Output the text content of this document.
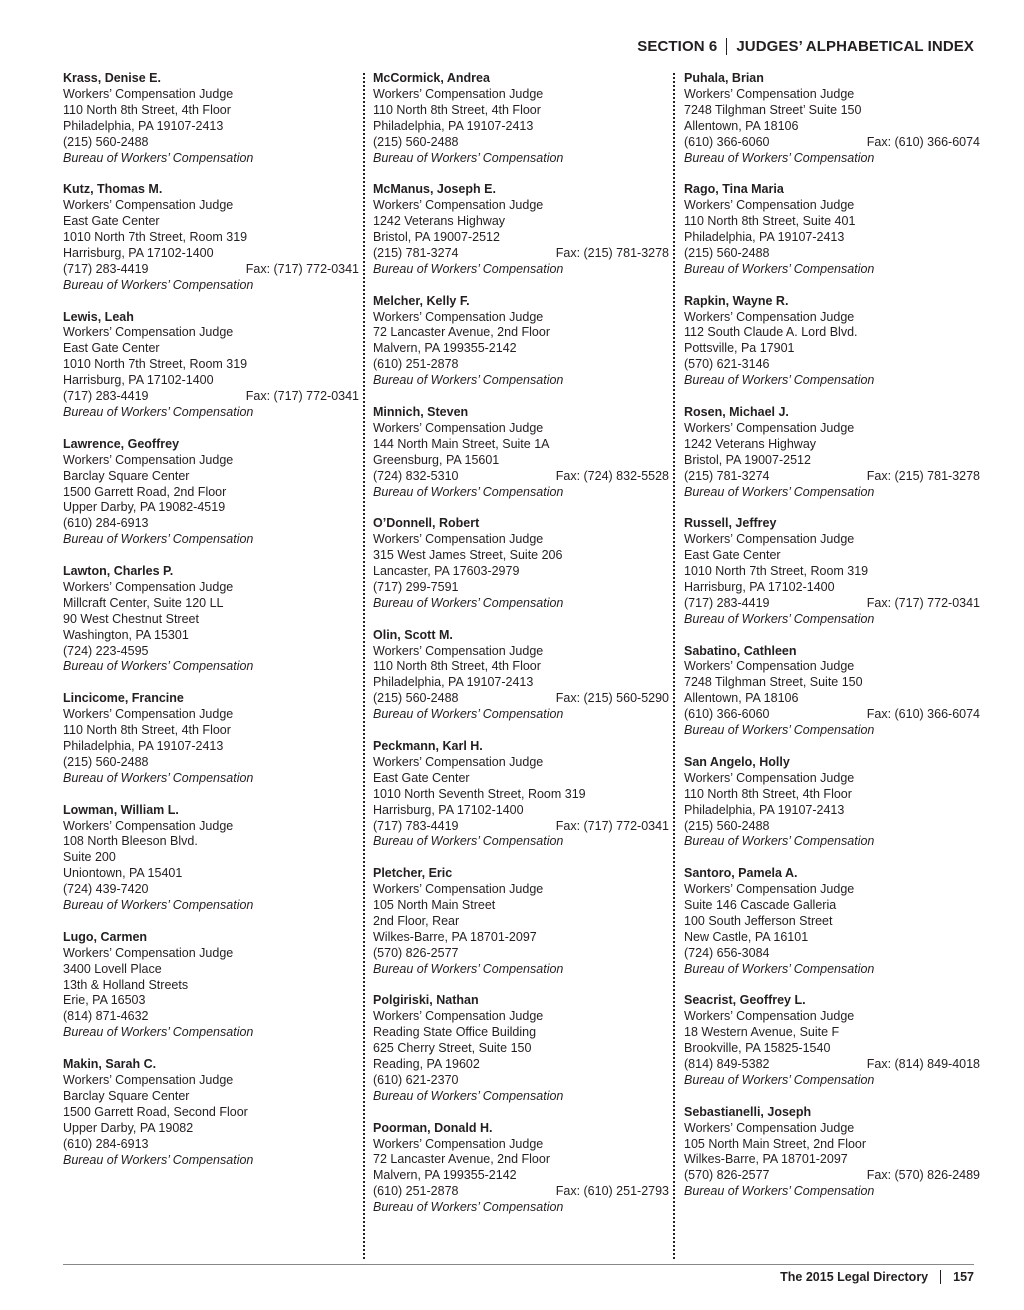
SECTION 6 JUDGES’ ALPHABETICAL INDEX
Krass, Denise E.
Workers’ Compensation Judge
110 North 8th Street, 4th Floor
Philadelphia, PA 19107-2413
(215) 560-2488
Bureau of Workers’ Compensation
Kutz, Thomas M.
Workers’ Compensation Judge
East Gate Center
1010 North 7th Street, Room 319
Harrisburg, PA 17102-1400
(717) 283-4419	Fax: (717) 772-0341
Bureau of Workers’ Compensation
Lewis, Leah
Workers’ Compensation Judge
East Gate Center
1010 North 7th Street, Room 319
Harrisburg, PA 17102-1400
(717) 283-4419	Fax: (717) 772-0341
Bureau of Workers’ Compensation
Lawrence, Geoffrey
Workers’ Compensation Judge
Barclay Square Center
1500 Garrett Road, 2nd Floor
Upper Darby, PA 19082-4519
(610) 284-6913
Bureau of Workers’ Compensation
Lawton, Charles P.
Workers’ Compensation Judge
Millcraft Center, Suite 120 LL
90 West Chestnut Street
Washington, PA 15301
(724) 223-4595
Bureau of Workers’ Compensation
Lincicome, Francine
Workers’ Compensation Judge
110 North 8th Street, 4th Floor
Philadelphia, PA 19107-2413
(215) 560-2488
Bureau of Workers’ Compensation
Lowman, William L.
Workers’ Compensation Judge
108 North Bleeson Blvd.
Suite 200
Uniontown, PA 15401
(724) 439-7420
Bureau of Workers’ Compensation
Lugo, Carmen
Workers’ Compensation Judge
3400 Lovell Place
13th & Holland Streets
Erie, PA 16503
(814) 871-4632
Bureau of Workers’ Compensation
Makin, Sarah C.
Workers’ Compensation Judge
Barclay Square Center
1500 Garrett Road, Second Floor
Upper Darby, PA 19082
(610) 284-6913
Bureau of Workers’ Compensation
McCormick, Andrea
Workers’ Compensation Judge
110 North 8th Street, 4th Floor
Philadelphia, PA 19107-2413
(215) 560-2488
Bureau of Workers’ Compensation
McManus, Joseph E.
Workers’ Compensation Judge
1242 Veterans Highway
Bristol, PA 19007-2512
(215) 781-3274	Fax: (215) 781-3278
Bureau of Workers’ Compensation
Melcher, Kelly F.
Workers’ Compensation Judge
72 Lancaster Avenue, 2nd Floor
Malvern, PA 199355-2142
(610) 251-2878
Bureau of Workers’ Compensation
Minnich, Steven
Workers’ Compensation Judge
144 North Main Street, Suite 1A
Greensburg, PA 15601
(724) 832-5310	Fax: (724) 832-5528
Bureau of Workers’ Compensation
O’Donnell, Robert
Workers’ Compensation Judge
315 West James Street, Suite 206
Lancaster, PA 17603-2979
(717) 299-7591
Bureau of Workers’ Compensation
Olin, Scott M.
Workers’ Compensation Judge
110 North 8th Street, 4th Floor
Philadelphia, PA 19107-2413
(215) 560-2488	Fax: (215) 560-5290
Bureau of Workers’ Compensation
Peckmann, Karl H.
Workers’ Compensation Judge
East Gate Center
1010 North Seventh Street, Room 319
Harrisburg, PA 17102-1400
(717) 783-4419	Fax: (717) 772-0341
Bureau of Workers’ Compensation
Pletcher, Eric
Workers’ Compensation Judge
105 North Main Street
2nd Floor, Rear
Wilkes-Barre, PA 18701-2097
(570) 826-2577
Bureau of Workers’ Compensation
Polgiriski, Nathan
Workers’ Compensation Judge
Reading State Office Building
625 Cherry Street, Suite 150
Reading, PA 19602
(610) 621-2370
Bureau of Workers’ Compensation
Poorman, Donald H.
Workers’ Compensation Judge
72 Lancaster Avenue, 2nd Floor
Malvern, PA 199355-2142
(610) 251-2878	Fax: (610) 251-2793
Bureau of Workers’ Compensation
Puhala, Brian
Workers’ Compensation Judge
7248 Tilghman Street’ Suite 150
Allentown, PA 18106
(610) 366-6060	Fax: (610) 366-6074
Bureau of Workers’ Compensation
Rago, Tina Maria
Workers’ Compensation Judge
110 North 8th Street, Suite 401
Philadelphia, PA 19107-2413
(215) 560-2488
Bureau of Workers’ Compensation
Rapkin, Wayne R.
Workers’ Compensation Judge
112 South Claude A. Lord Blvd.
Pottsville, Pa 17901
(570) 621-3146
Bureau of Workers’ Compensation
Rosen, Michael J.
Workers’ Compensation Judge
1242 Veterans Highway
Bristol, PA 19007-2512
(215) 781-3274	Fax: (215) 781-3278
Bureau of Workers’ Compensation
Russell, Jeffrey
Workers’ Compensation Judge
East Gate Center
1010 North 7th Street, Room 319
Harrisburg, PA 17102-1400
(717) 283-4419	Fax: (717) 772-0341
Bureau of Workers’ Compensation
Sabatino, Cathleen
Workers’ Compensation Judge
7248 Tilghman Street, Suite 150
Allentown, PA 18106
(610) 366-6060	Fax: (610) 366-6074
Bureau of Workers’ Compensation
San Angelo, Holly
Workers’ Compensation Judge
110 North 8th Street, 4th Floor
Philadelphia, PA 19107-2413
(215) 560-2488
Bureau of Workers’ Compensation
Santoro, Pamela A.
Workers’ Compensation Judge
Suite 146 Cascade Galleria
100 South Jefferson Street
New Castle, PA 16101
(724) 656-3084
Bureau of Workers’ Compensation
Seacrist, Geoffrey L.
Workers’ Compensation Judge
18 Western Avenue, Suite F
Brookville, PA 15825-1540
(814) 849-5382	Fax: (814) 849-4018
Bureau of Workers’ Compensation
Sebastianelli, Joseph
Workers’ Compensation Judge
105 North Main Street, 2nd Floor
Wilkes-Barre, PA 18701-2097
(570) 826-2577	Fax: (570) 826-2489
Bureau of Workers’ Compensation
The 2015 Legal Directory 157
